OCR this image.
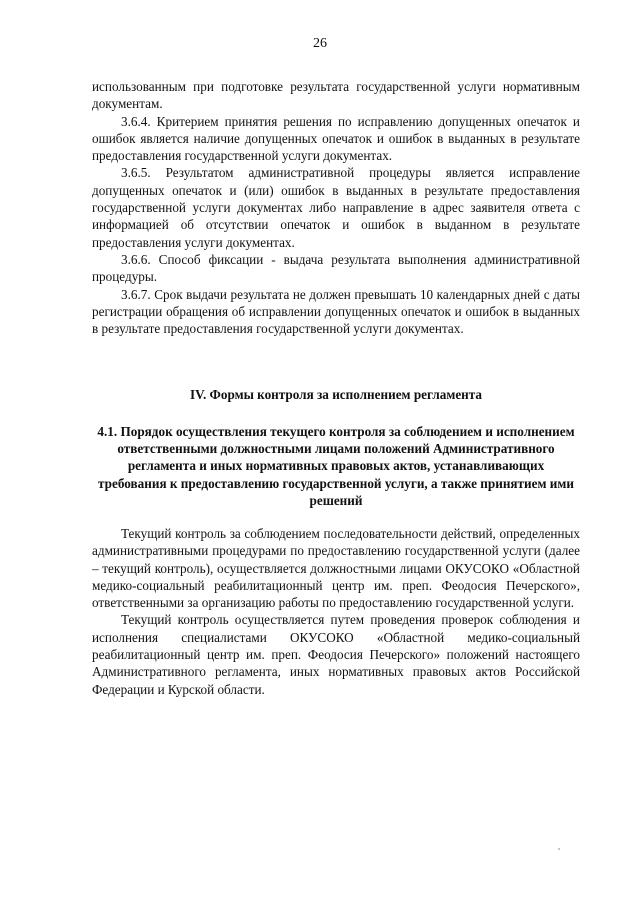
26

использованным при подготовке результата государственной услуги нормативным документам.

3.6.4. Критерием принятия решения по исправлению допущенных опечаток и ошибок является наличие допущенных опечаток и ошибок в выданных в результате предоставления государственной услуги документах.

3.6.5. Результатом административной процедуры является исправление допущенных опечаток и (или) ошибок в выданных в результате предоставления государственной услуги документах либо направление в адрес заявителя ответа с информацией об отсутствии опечаток и ошибок в выданном в результате предоставления услуги документах.

3.6.6. Способ фиксации - выдача результата выполнения административной процедуры.

3.6.7. Срок выдачи результата не должен превышать 10 календарных дней с даты регистрации обращения об исправлении допущенных опечаток и ошибок в выданных в результате предоставления государственной услуги документах.

IV. Формы контроля за исполнением регламента
4.1. Порядок осуществления текущего контроля за соблюдением и исполнением ответственными должностными лицами положений Административного регламента и иных нормативных правовых актов, устанавливающих требования к предоставлению государственной услуги, а также принятием ими решений

Текущий контроль за соблюдением последовательности действий, определенных административными процедурами по предоставлению государственной услуги (далее – текущий контроль), осуществляется должностными лицами ОКУСОКО «Областной медико-социальный реабилитационный центр им. преп. Феодосия Печерского», ответственными за организацию работы по предоставлению государственной услуги.

Текущий контроль осуществляется путем проведения проверок соблюдения и исполнения специалистами ОКУСОКО «Областной медико-социальный реабилитационный центр им. преп. Феодосия Печерского» положений настоящего Административного регламента, иных нормативных правовых актов Российской Федерации и Курской области.
